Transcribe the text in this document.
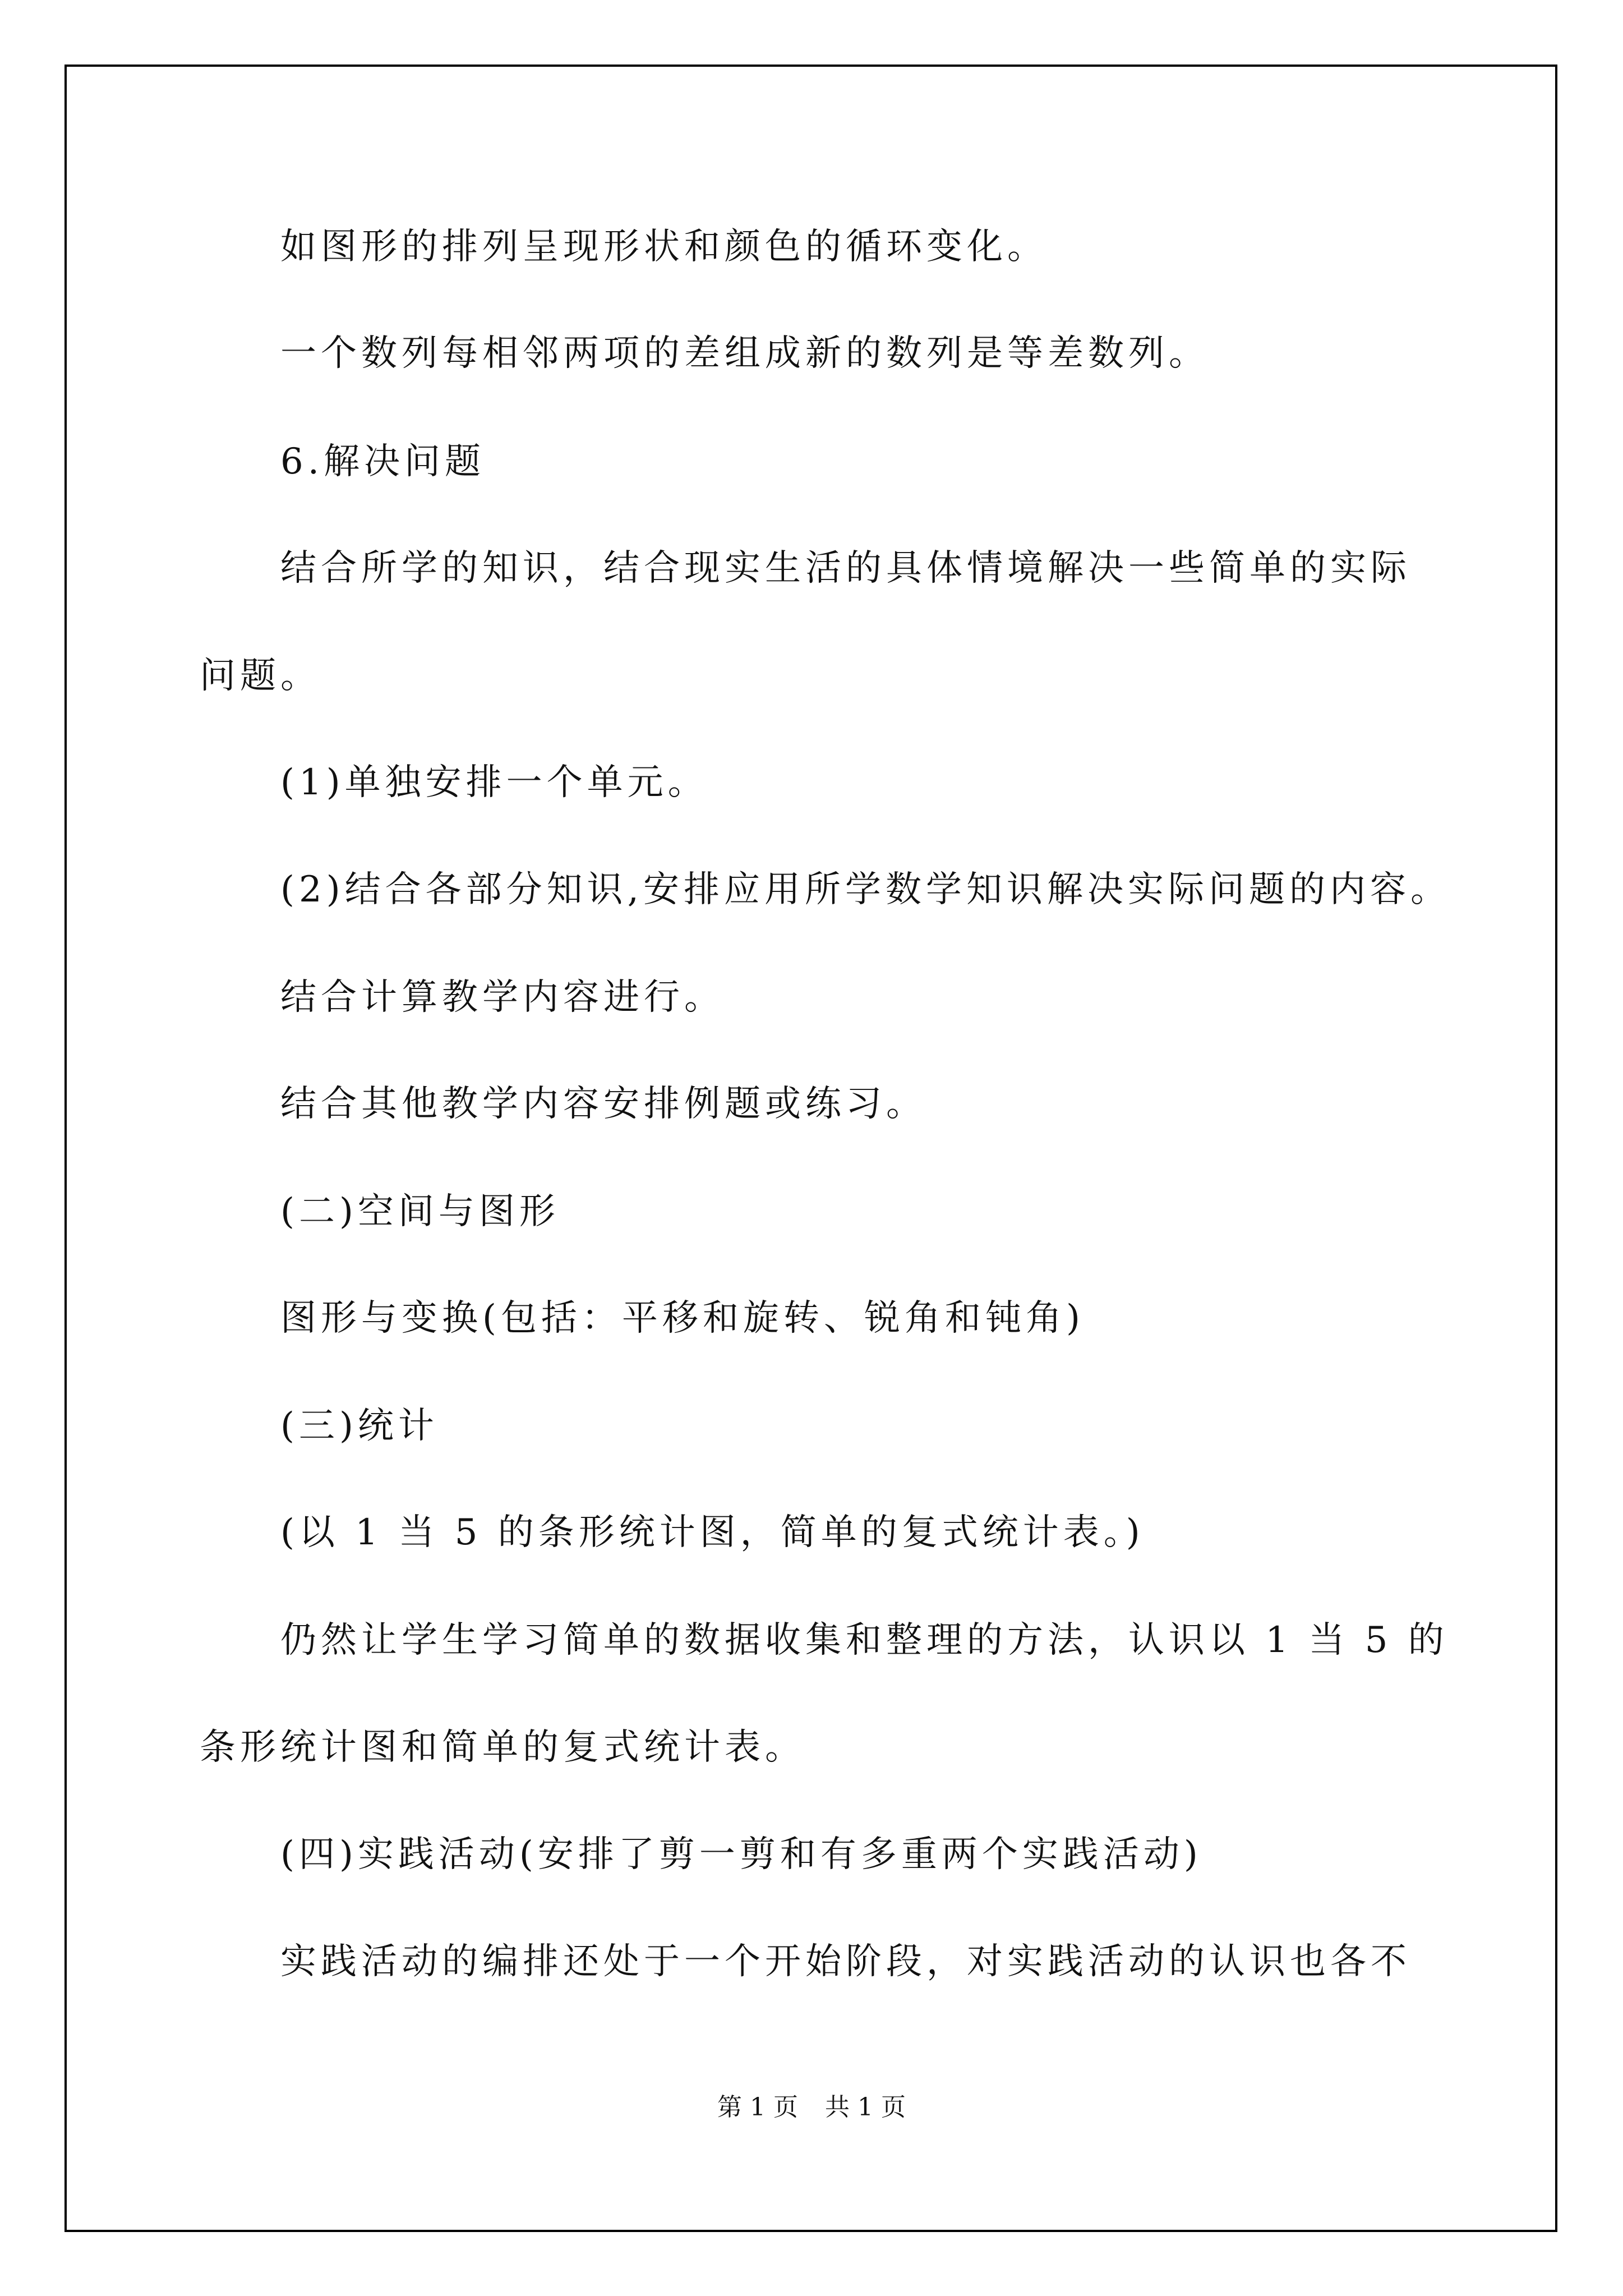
如图形的排列呈现形状和颜色的循环变化。
一个数列每相邻两项的差组成新的数列是等差数列。
6.解决问题
结合所学的知识，结合现实生活的具体情境解决一些简单的实际
问题。
(1)单独安排一个单元。
(2)结合各部分知识,安排应用所学数学知识解决实际问题的内容。
结合计算教学内容进行。
结合其他教学内容安排例题或练习。
(二)空间与图形
图形与变换(包括：平移和旋转、锐角和钝角)
(三)统计
(以 1 当 5 的条形统计图，简单的复式统计表。)
仍然让学生学习简单的数据收集和整理的方法，认识以 1 当 5 的
条形统计图和简单的复式统计表。
(四)实践活动(安排了剪一剪和有多重两个实践活动)
实践活动的编排还处于一个开始阶段，对实践活动的认识也各不
第 1 页 共 1 页
